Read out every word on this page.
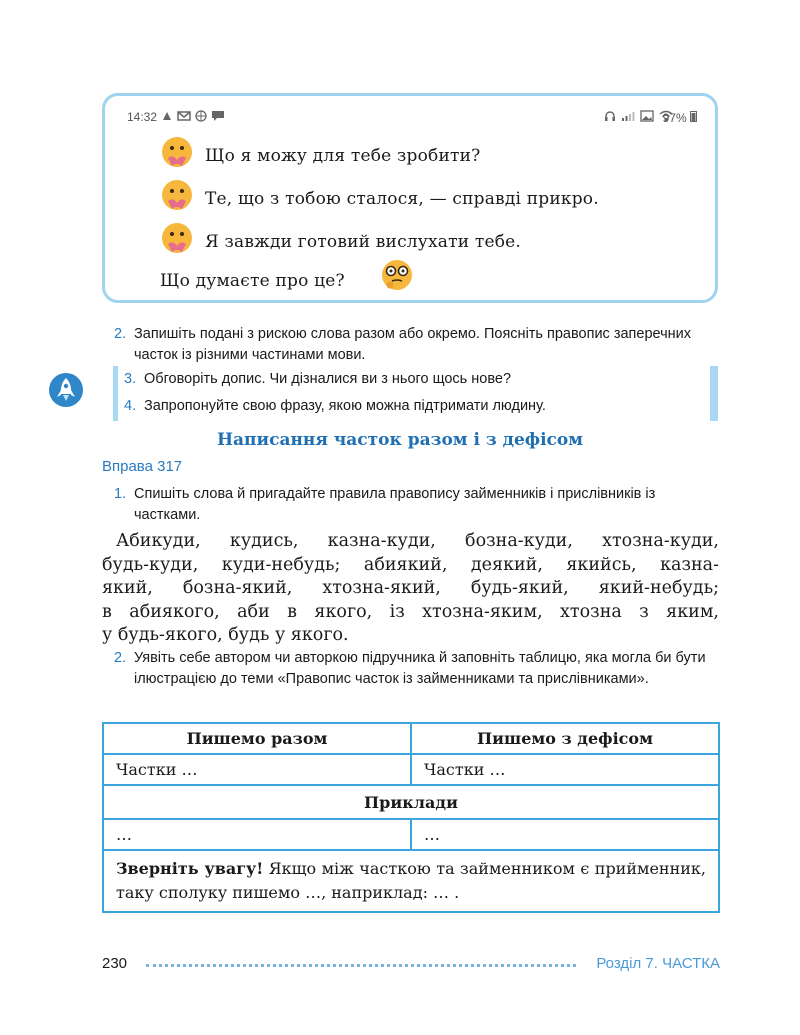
14:32	97%
Що я можу для тебе зробити?
Те, що з тобою сталося, — справді прикро.
Я завжди готовий вислухати тебе.
Що думаєте про це?
2. Запишіть подані з рискою слова разом або окремо. Поясніть правопис заперечних часток із різними частинами мови.
3. Обговоріть допис. Чи дізналися ви з нього щось нове?
4. Запропонуйте свою фразу, якою можна підтримати людину.
Написання часток разом і з дефісом
Вправа 317
1. Спишіть слова й пригадайте правила правопису займенників і прислівників із частками.
Абикуди, кудись, казна-куди, бозна-куди, хтозна-куди,
будь-куди, куди-небудь; абиякий, деякий, якийсь, казна-
який, бозна-який, хтозна-який, будь-який, який-небудь;
в абиякого, аби в якого, із хтозна-яким, хтозна з яким,
у будь-якого, будь у якого.
2. Уявіть себе автором чи авторкою підручника й заповніть таблицю, яка могла би бути ілюстрацією до теми «Правопис часток із займенниками та прислівниками».
Пишемо разом	Пишемо з дефісом
Частки …	Частки …
Приклади	
…	…
Зверніть увагу! Якщо між часткою та займенником є прийменник, таку сполуку пишемо …, наприклад: … .	
230	Розділ 7. ЧАСТКА
